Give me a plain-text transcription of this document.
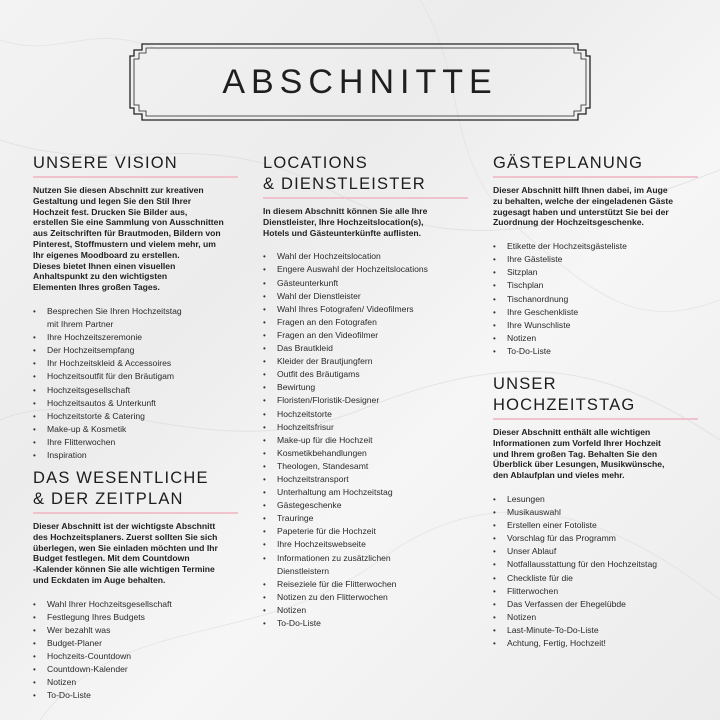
ABSCHNITTE
UNSERE VISION

Nutzen Sie diesen Abschnitt zur kreativen
Gestaltung und legen Sie den Stil Ihrer
Hochzeit fest. Drucken Sie Bilder aus,
erstellen Sie eine Sammlung von Ausschnitten
aus Zeitschriften für Brautmoden, Bildern von
Pinterest, Stoffmustern und vielem mehr, um
Ihr eigenes Moodboard zu erstellen.
Dieses bietet Ihnen einen visuellen
Anhaltspunkt zu den wichtigsten
Elementen Ihres großen Tages.

• Besprechen Sie Ihren Hochzeitstag
mit Ihrem Partner
• Ihre Hochzeitszeremonie
• Der Hochzeitsempfang
• Ihr Hochzeitskleid & Accessoires
• Hochzeitsoutfit für den Bräutigam
• Hochzeitsgesellschaft
• Hochzeitsautos & Unterkunft
• Hochzeitstorte & Catering
• Make-up & Kosmetik
• Ihre Flitterwochen
• Inspiration
DAS WESENTLICHE
& DER ZEITPLAN

Dieser Abschnitt ist der wichtigste Abschnitt
des Hochzeitsplaners. Zuerst sollten Sie sich
überlegen, wen Sie einladen möchten und Ihr
Budget festlegen. Mit dem Countdown
-Kalender können Sie alle wichtigen Termine
und Eckdaten im Auge behalten.

• Wahl Ihrer Hochzeitsgesellschaft
• Festlegung Ihres Budgets
• Wer bezahlt was
• Budget-Planer
• Hochzeits-Countdown
• Countdown-Kalender
• Notizen
• To-Do-Liste
LOCATIONS
& DIENSTLEISTER

In diesem Abschnitt können Sie alle Ihre
Dienstleister, Ihre Hochzeitslocation(s),
Hotels und Gästeunterkünfte auflisten.

• Wahl der Hochzeitslocation
• Engere Auswahl der Hochzeitslocations
• Gästeunterkunft
• Wahl der Dienstleister
• Wahl Ihres Fotografen/ Videofilmers
• Fragen an den Fotografen
• Fragen an den Videofilmer
• Das Brautkleid
• Kleider der Brautjungfern
• Outfit des Bräutigams
• Bewirtung
• Floristen/Floristik-Designer
• Hochzeitstorte
• Hochzeitsfrisur
• Make-up für die Hochzeit
• Kosmetikbehandlungen
• Theologen, Standesamt
• Hochzeitstransport
• Unterhaltung am Hochzeitstag
• Gästegeschenke
• Trauringe
• Papeterie für die Hochzeit
• Ihre Hochzeitswebseite
• Informationen zu zusätzlichen
Dienstleistern
• Reiseziele für die Flitterwochen
• Notizen zu den Flitterwochen
• Notizen
• To-Do-Liste
GÄSTEPLANUNG

Dieser Abschnitt hilft Ihnen dabei, im Auge
zu behalten, welche der eingeladenen Gäste
zugesagt haben und unterstützt Sie bei der
Zuordnung der Hochzeitsgeschenke.

• Etikette der Hochzeitsgästeliste
• Ihre Gästeliste
• Sitzplan
• Tischplan
• Tischanordnung
• Ihre Geschenkliste
• Ihre Wunschliste
• Notizen
• To-Do-Liste
UNSER HOCHZEITSTAG

Dieser Abschnitt enthält alle wichtigen
Informationen zum Vorfeld Ihrer Hochzeit
und Ihrem großen Tag. Behalten Sie den
Überblick über Lesungen, Musikwünsche,
den Ablaufplan und vieles mehr.

• Lesungen
• Musikauswahl
• Erstellen einer Fotoliste
• Vorschlag für das Programm
• Unser Ablauf
• Notfallausstattung für den Hochzeitstag
• Checkliste für die
• Flitterwochen
• Das Verfassen der Ehegelübde
• Notizen
• Last-Minute-To-Do-Liste
• Achtung, Fertig, Hochzeit!
